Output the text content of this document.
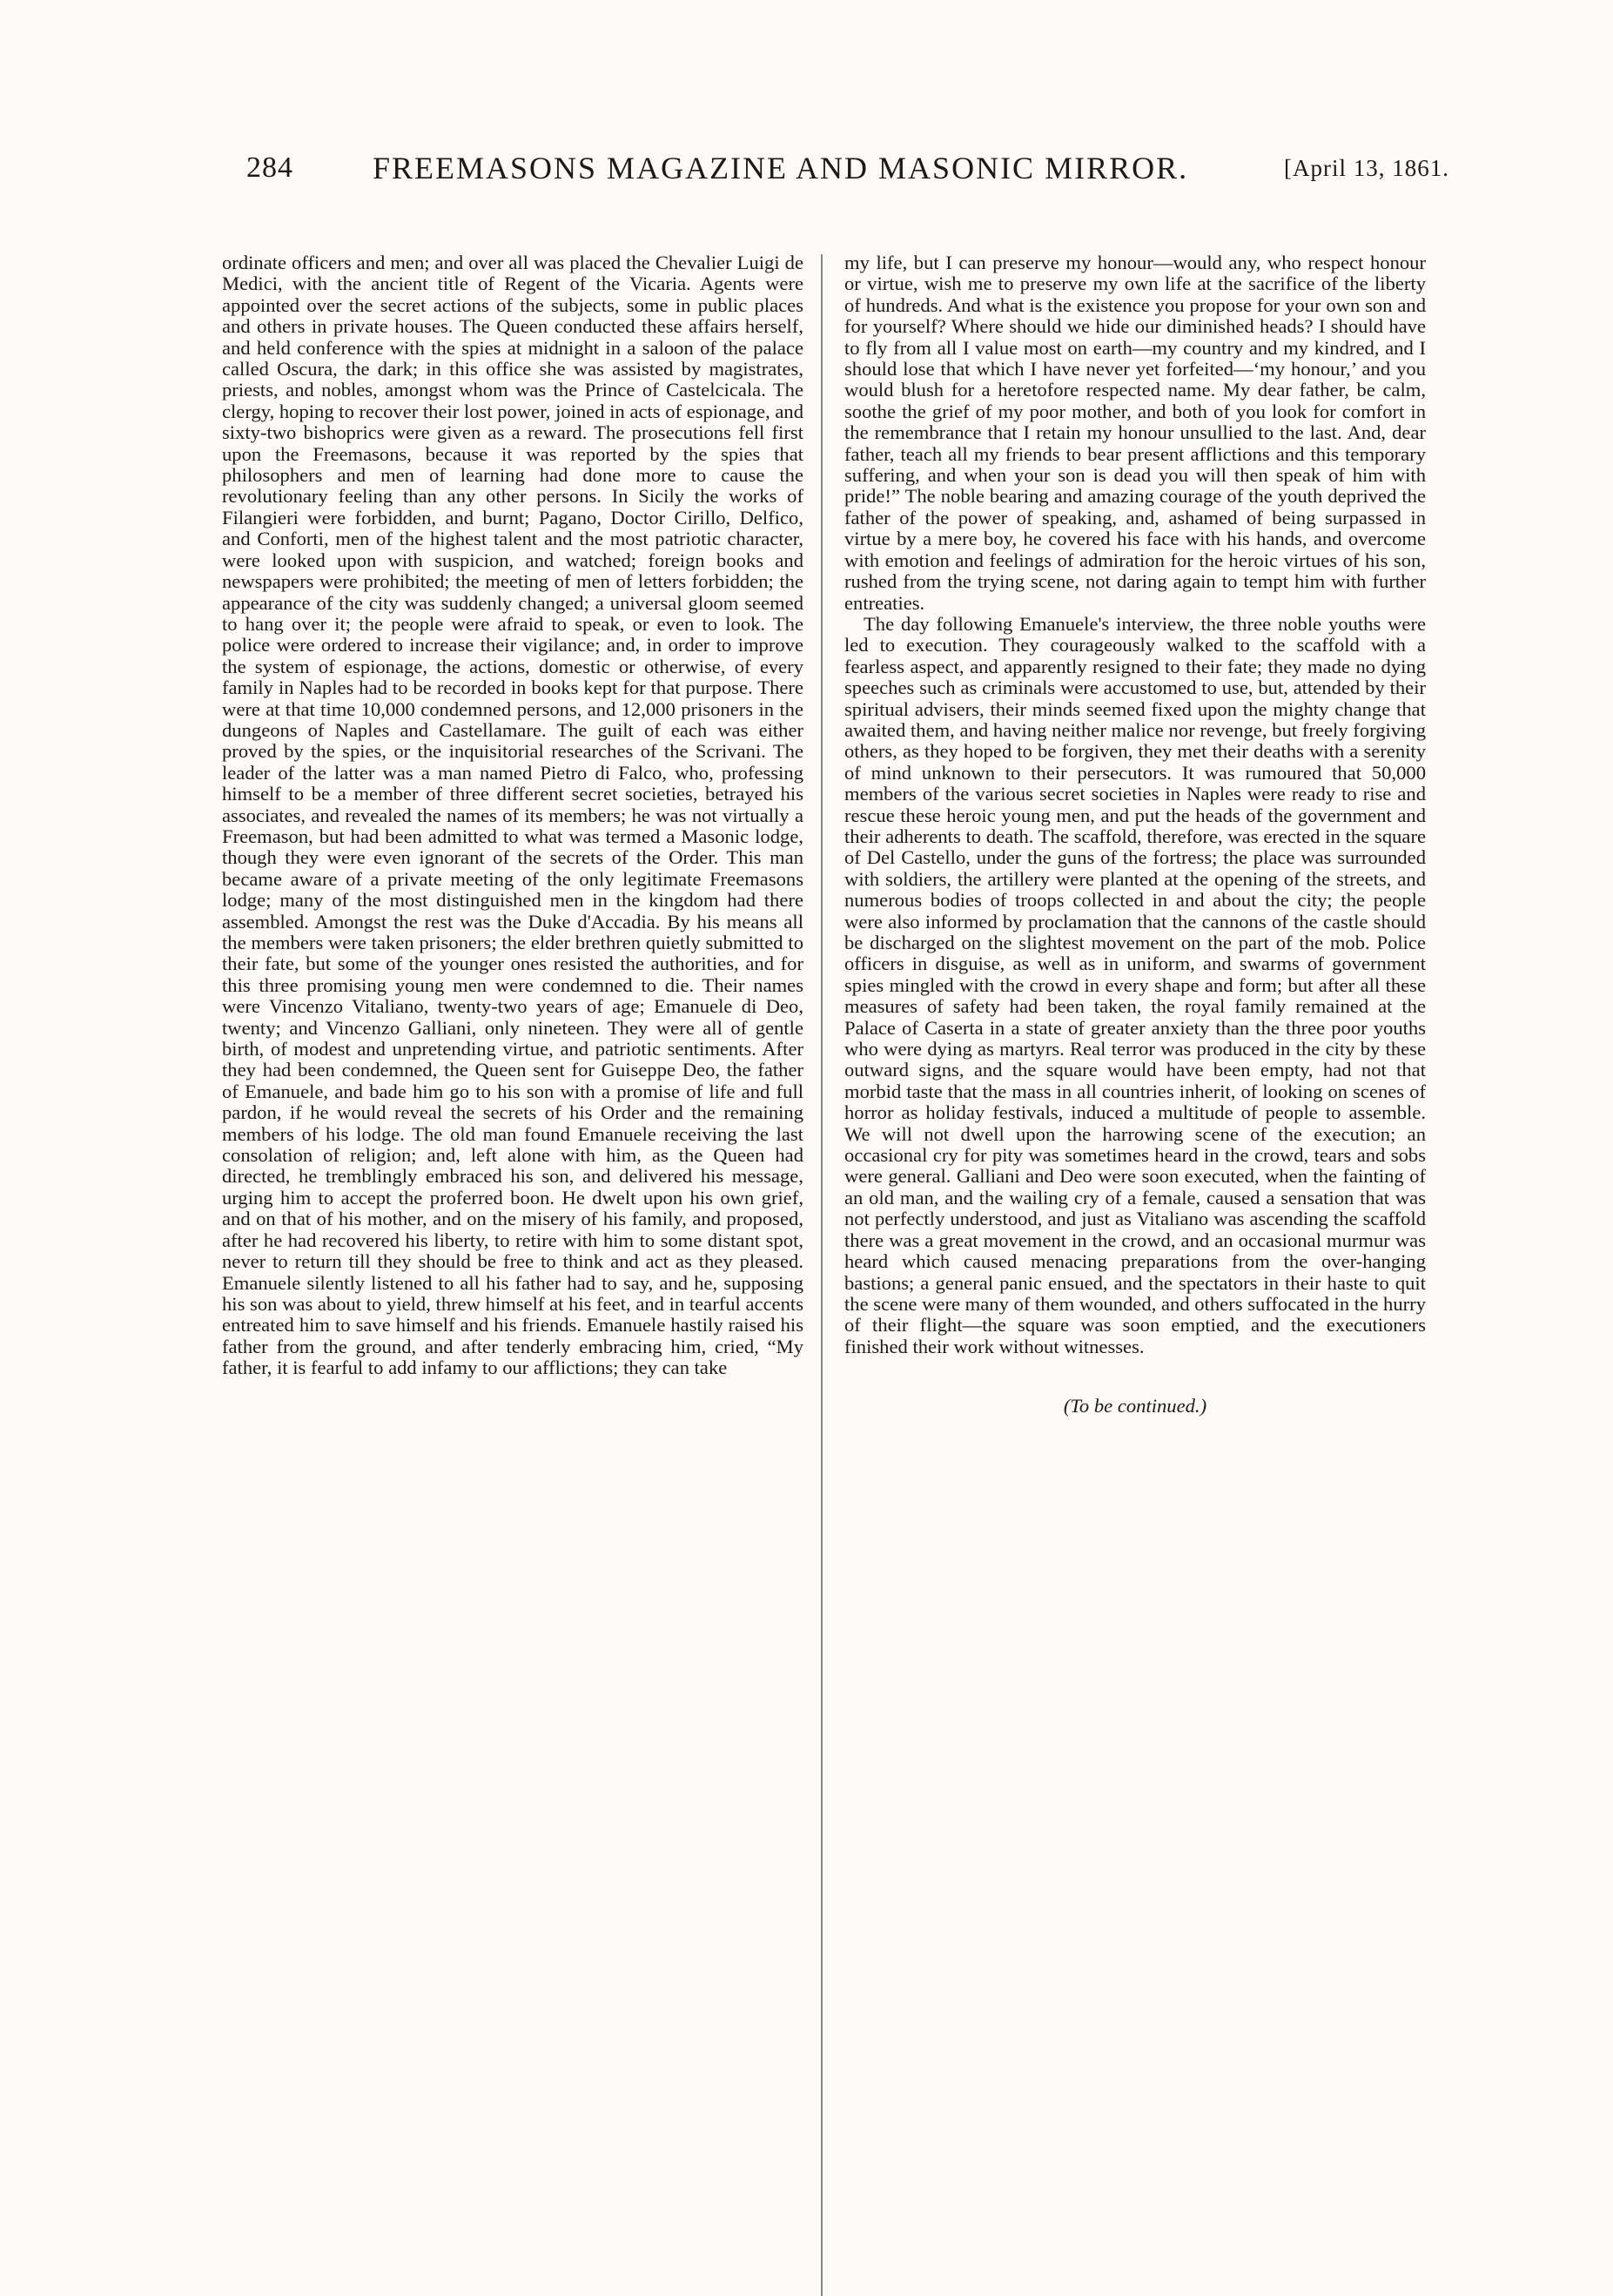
284	FREEMASONS MAGAZINE AND MASONIC MIRROR.	[April 13, 1861.

ordinate officers and men; and over all was placed the Chevalier Luigi de Medici, with the ancient title of Regent of the Vicaria. Agents were appointed over the secret actions of the subjects, some in public places and others in private houses. The Queen conducted these affairs herself, and held conference with the spies at midnight in a saloon of the palace called Oscura, the dark; in this office she was assisted by magistrates, priests, and nobles, amongst whom was the Prince of Castelcicala. The clergy, hoping to recover their lost power, joined in acts of espionage, and sixty-two bishoprics were given as a reward. The prosecutions fell first upon the Freemasons, because it was reported by the spies that philosophers and men of learning had done more to cause the revolutionary feeling than any other persons. In Sicily the works of Filangieri were forbidden, and burnt; Pagano, Doctor Cirillo, Delfico, and Conforti, men of the highest talent and the most patriotic character, were looked upon with suspicion, and watched; foreign books and newspapers were prohibited; the meeting of men of letters forbidden; the appearance of the city was suddenly changed; a universal gloom seemed to hang over it; the people were afraid to speak, or even to look. The police were ordered to increase their vigilance; and, in order to improve the system of espionage, the actions, domestic or otherwise, of every family in Naples had to be recorded in books kept for that purpose. There were at that time 10,000 condemned persons, and 12,000 prisoners in the dungeons of Naples and Castellamare. The guilt of each was either proved by the spies, or the inquisitorial researches of the Scrivani. The leader of the latter was a man named Pietro di Falco, who, professing himself to be a member of three different secret societies, betrayed his associates, and revealed the names of its members; he was not virtually a Freemason, but had been admitted to what was termed a Masonic lodge, though they were even ignorant of the secrets of the Order. This man became aware of a private meeting of the only legitimate Freemasons lodge; many of the most distinguished men in the kingdom had there assembled. Amongst the rest was the Duke d'Accadia. By his means all the members were taken prisoners; the elder brethren quietly submitted to their fate, but some of the younger ones resisted the authorities, and for this three promising young men were condemned to die. Their names were Vincenzo Vitaliano, twenty-two years of age; Emanuele di Deo, twenty; and Vincenzo Galliani, only nineteen. They were all of gentle birth, of modest and unpretending virtue, and patriotic sentiments. After they had been condemned, the Queen sent for Guiseppe Deo, the father of Emanuele, and bade him go to his son with a promise of life and full pardon, if he would reveal the secrets of his Order and the remaining members of his lodge. The old man found Emanuele receiving the last consolation of religion; and, left alone with him, as the Queen had directed, he tremblingly embraced his son, and delivered his message, urging him to accept the proferred boon. He dwelt upon his own grief, and on that of his mother, and on the misery of his family, and proposed, after he had recovered his liberty, to retire with him to some distant spot, never to return till they should be free to think and act as they pleased. Emanuele silently listened to all his father had to say, and he, supposing his son was about to yield, threw himself at his feet, and in tearful accents entreated him to save himself and his friends. Emanuele hastily raised his father from the ground, and after tenderly embracing him, cried, “My father, it is fearful to add infamy to our afflictions; they can take

my life, but I can preserve my honour—would any, who respect honour or virtue, wish me to preserve my own life at the sacrifice of the liberty of hundreds. And what is the existence you propose for your own son and for yourself? Where should we hide our diminished heads? I should have to fly from all I value most on earth—my country and my kindred, and I should lose that which I have never yet forfeited—‘my honour,’ and you would blush for a heretofore respected name. My dear father, be calm, soothe the grief of my poor mother, and both of you look for comfort in the remembrance that I retain my honour unsullied to the last. And, dear father, teach all my friends to bear present afflictions and this temporary suffering, and when your son is dead you will then speak of him with pride!” The noble bearing and amazing courage of the youth deprived the father of the power of speaking, and, ashamed of being surpassed in virtue by a mere boy, he covered his face with his hands, and overcome with emotion and feelings of admiration for the heroic virtues of his son, rushed from the trying scene, not daring again to tempt him with further entreaties.

The day following Emanuele's interview, the three noble youths were led to execution. They courageously walked to the scaffold with a fearless aspect, and apparently resigned to their fate; they made no dying speeches such as criminals were accustomed to use, but, attended by their spiritual advisers, their minds seemed fixed upon the mighty change that awaited them, and having neither malice nor revenge, but freely forgiving others, as they hoped to be forgiven, they met their deaths with a serenity of mind unknown to their persecutors. It was rumoured that 50,000 members of the various secret societies in Naples were ready to rise and rescue these heroic young men, and put the heads of the government and their adherents to death. The scaffold, therefore, was erected in the square of Del Castello, under the guns of the fortress; the place was surrounded with soldiers, the artillery were planted at the opening of the streets, and numerous bodies of troops collected in and about the city; the people were also informed by proclamation that the cannons of the castle should be discharged on the slightest movement on the part of the mob. Police officers in disguise, as well as in uniform, and swarms of government spies mingled with the crowd in every shape and form; but after all these measures of safety had been taken, the royal family remained at the Palace of Caserta in a state of greater anxiety than the three poor youths who were dying as martyrs. Real terror was produced in the city by these outward signs, and the square would have been empty, had not that morbid taste that the mass in all countries inherit, of looking on scenes of horror as holiday festivals, induced a multitude of people to assemble. We will not dwell upon the harrowing scene of the execution; an occasional cry for pity was sometimes heard in the crowd, tears and sobs were general. Galliani and Deo were soon executed, when the fainting of an old man, and the wailing cry of a female, caused a sensation that was not perfectly understood, and just as Vitaliano was ascending the scaffold there was a great movement in the crowd, and an occasional murmur was heard which caused menacing preparations from the over-hanging bastions; a general panic ensued, and the spectators in their haste to quit the scene were many of them wounded, and others suffocated in the hurry of their flight—the square was soon emptied, and the executioners finished their work without witnesses.

(To be continued.)
